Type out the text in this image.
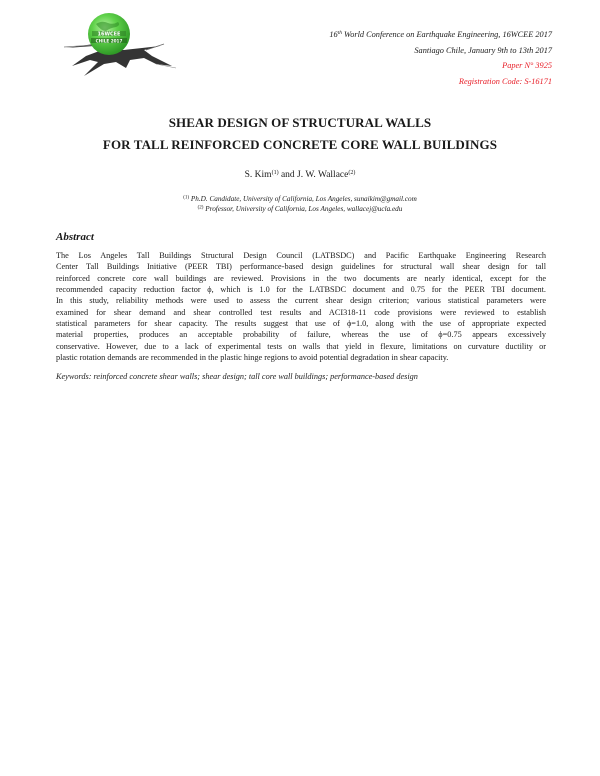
16WCEE
CHILE 2017
16th World Conference on Earthquake Engineering, 16WCEE 2017
Santiago Chile, January 9th to 13th 2017
Paper N° 3925
Registration Code: S-16171
SHEAR DESIGN OF STRUCTURAL WALLS
FOR TALL REINFORCED CONCRETE CORE WALL BUILDINGS
S. Kim$^{(1)}$ and J. W. Wallace$^{(2)}$
$^{(1)}$ Ph.D. Candidate, University of California, Los Angeles, sunaikim@gmail.com
$^{(2)}$ Professor, University of California, Los Angeles, wallacej@ucla.edu
Abstract
The Los Angeles Tall Buildings Structural Design Council (LATBSDC) and Pacific Earthquake Engineering Research
Center Tall Buildings Initiative (PEER TBI) performance-based design guidelines for structural wall shear design for tall
reinforced concrete core wall buildings are reviewed. Provisions in the two documents are nearly identical, except for the
recommended capacity reduction factor ϕ, which is 1.0 for the LATBSDC document and 0.75 for the PEER TBI document.
In this study, reliability methods were used to assess the current shear design criterion; various statistical parameters were
examined for shear demand and shear controlled test results and ACI318-11 code provisions were reviewed to establish
statistical parameters for shear capacity. The results suggest that use of ϕ=1.0, along with the use of appropriate expected
material properties, produces an acceptable probability of failure, whereas the use of ϕ=0.75 appears excessively
conservative. However, due to a lack of experimental tests on walls that yield in flexure, limitations on curvature ductility or
plastic rotation demands are recommended in the plastic hinge regions to avoid potential degradation in shear capacity.
Keywords: reinforced concrete shear walls; shear design; tall core wall buildings; performance-based design
